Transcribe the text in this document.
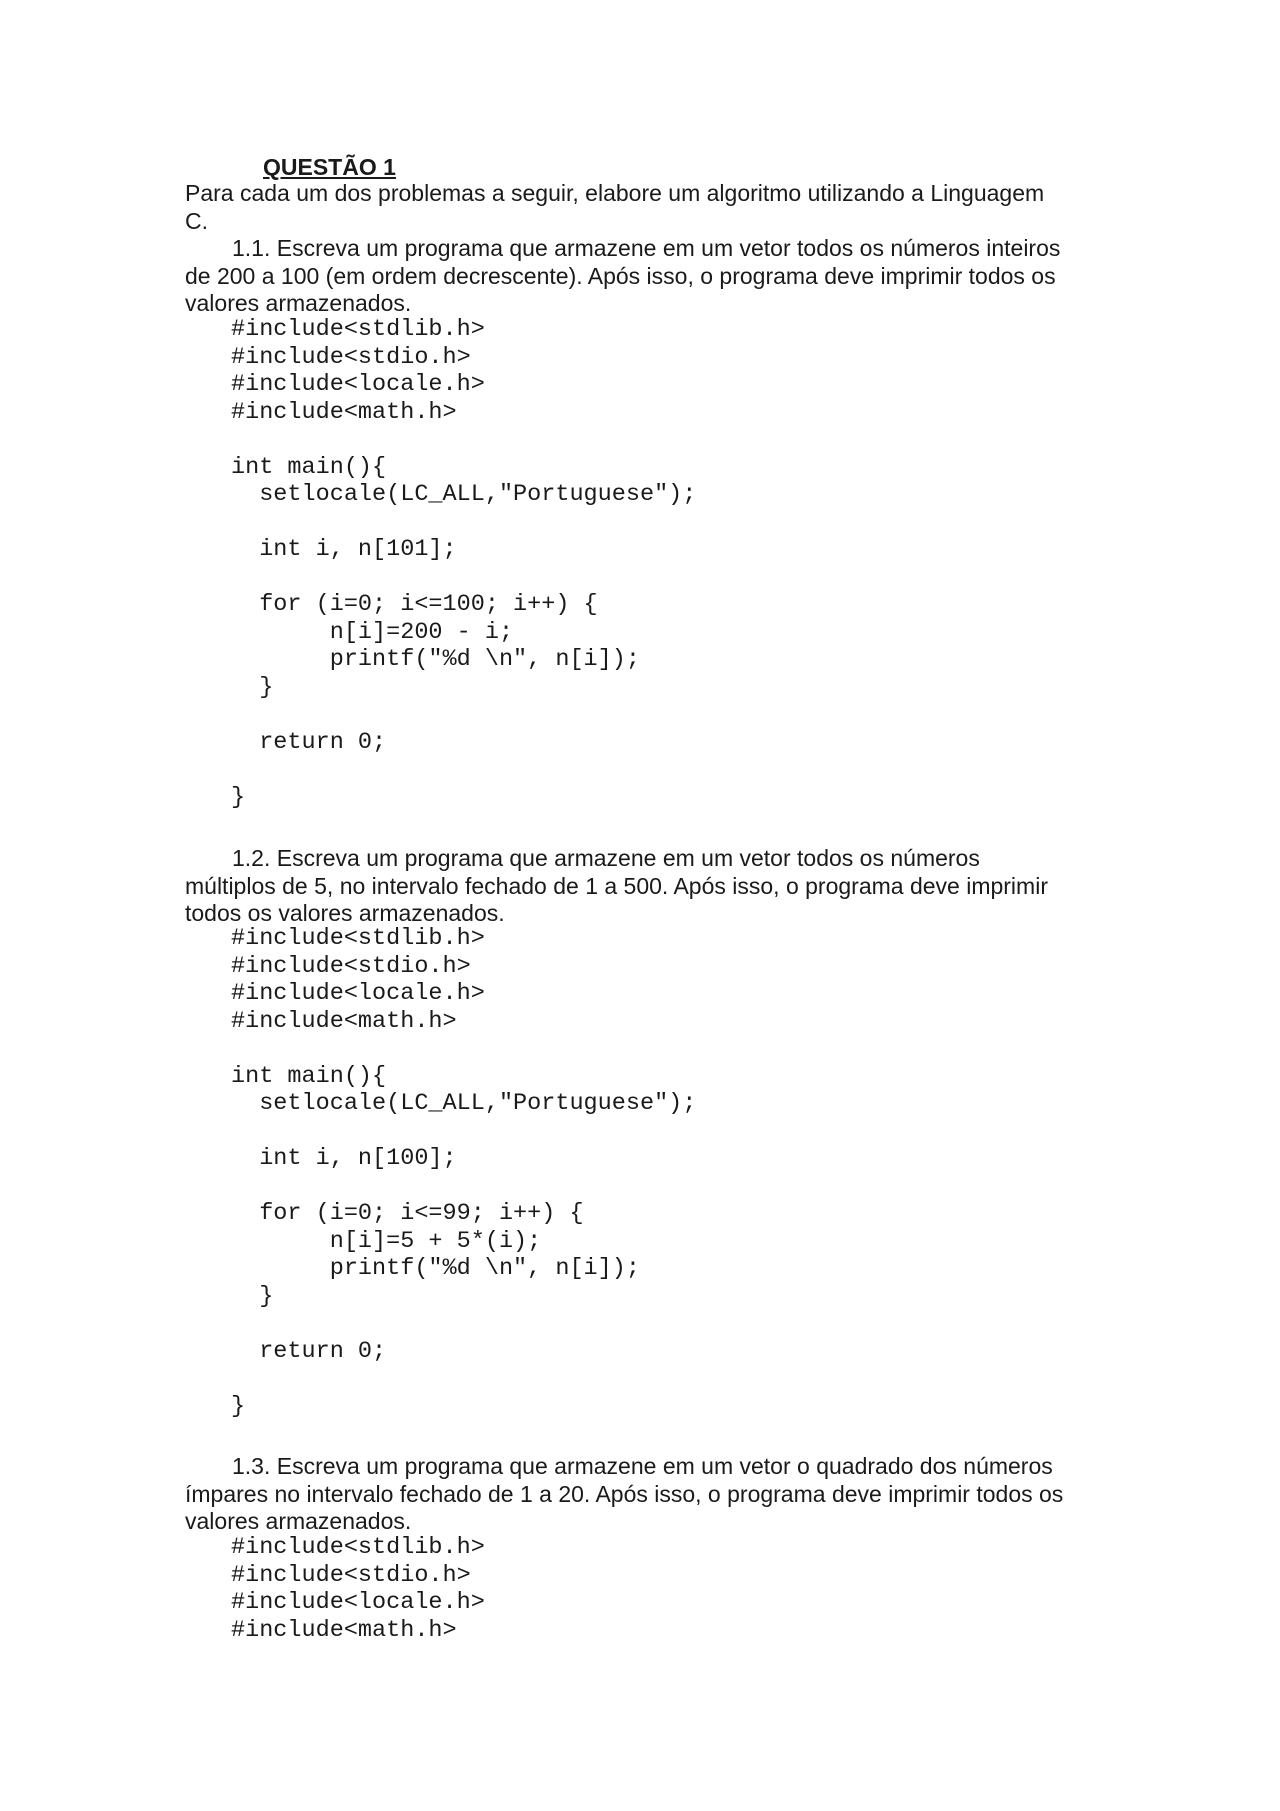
QUESTÃO 1

Para cada um dos problemas a seguir, elabore um algoritmo utilizando a Linguagem
C.

1.1. Escreva um programa que armazene em um vetor todos os números inteiros
de 200 a 100 (em ordem decrescente). Após isso, o programa deve imprimir todos os
valores armazenados.

#include<stdlib.h>
#include<stdio.h>
#include<locale.h>
#include<math.h>
int main(){
setlocale(LC_ALL,"Portuguese");
int i, n[101];
for (i=0; i<=100; i++) {
n[i]=200 - i;
printf("%d \n", n[i]);
}
return 0;
}

1.2. Escreva um programa que armazene em um vetor todos os números
múltiplos de 5, no intervalo fechado de 1 a 500. Após isso, o programa deve imprimir
todos os valores armazenados.

#include<stdlib.h>
#include<stdio.h>
#include<locale.h>
#include<math.h>
int main(){
setlocale(LC_ALL,"Portuguese");
int i, n[100];
for (i=0; i<=99; i++) {
n[i]=5 + 5*(i);
printf("%d \n", n[i]);
}
return 0;
}

1.3. Escreva um programa que armazene em um vetor o quadrado dos números
ímpares no intervalo fechado de 1 a 20. Após isso, o programa deve imprimir todos os
valores armazenados.

#include<stdlib.h>
#include<stdio.h>
#include<locale.h>
#include<math.h>
